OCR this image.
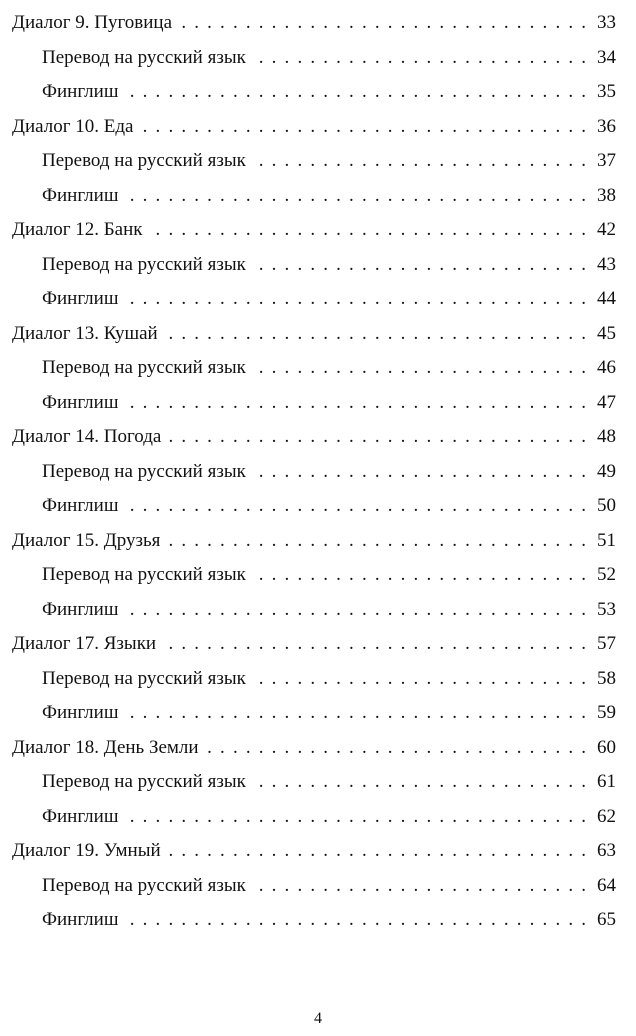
Диалог 9. Пуговица . . .	33
Перевод на русский язык . . .	34
Финглиш . . .	35
Диалог 10. Еда . . .	36
Перевод на русский язык . . .	37
Финглиш . . .	38
Диалог 12. Банк . . .	42
Перевод на русский язык . . .	43
Финглиш . . .	44
Диалог 13. Кушай . . .	45
Перевод на русский язык . . .	46
Финглиш . . .	47
Диалог 14. Погода . . .	48
Перевод на русский язык . . .	49
Финглиш . . .	50
Диалог 15. Друзья . . .	51
Перевод на русский язык . . .	52
Финглиш . . .	53
Диалог 17. Языки . . .	57
Перевод на русский язык . . .	58
Финглиш . . .	59
Диалог 18. День Земли . . .	60
Перевод на русский язык . . .	61
Финглиш . . .	62
Диалог 19. Умный . . .	63
Перевод на русский язык . . .	64
Финглиш . . .	65
4
